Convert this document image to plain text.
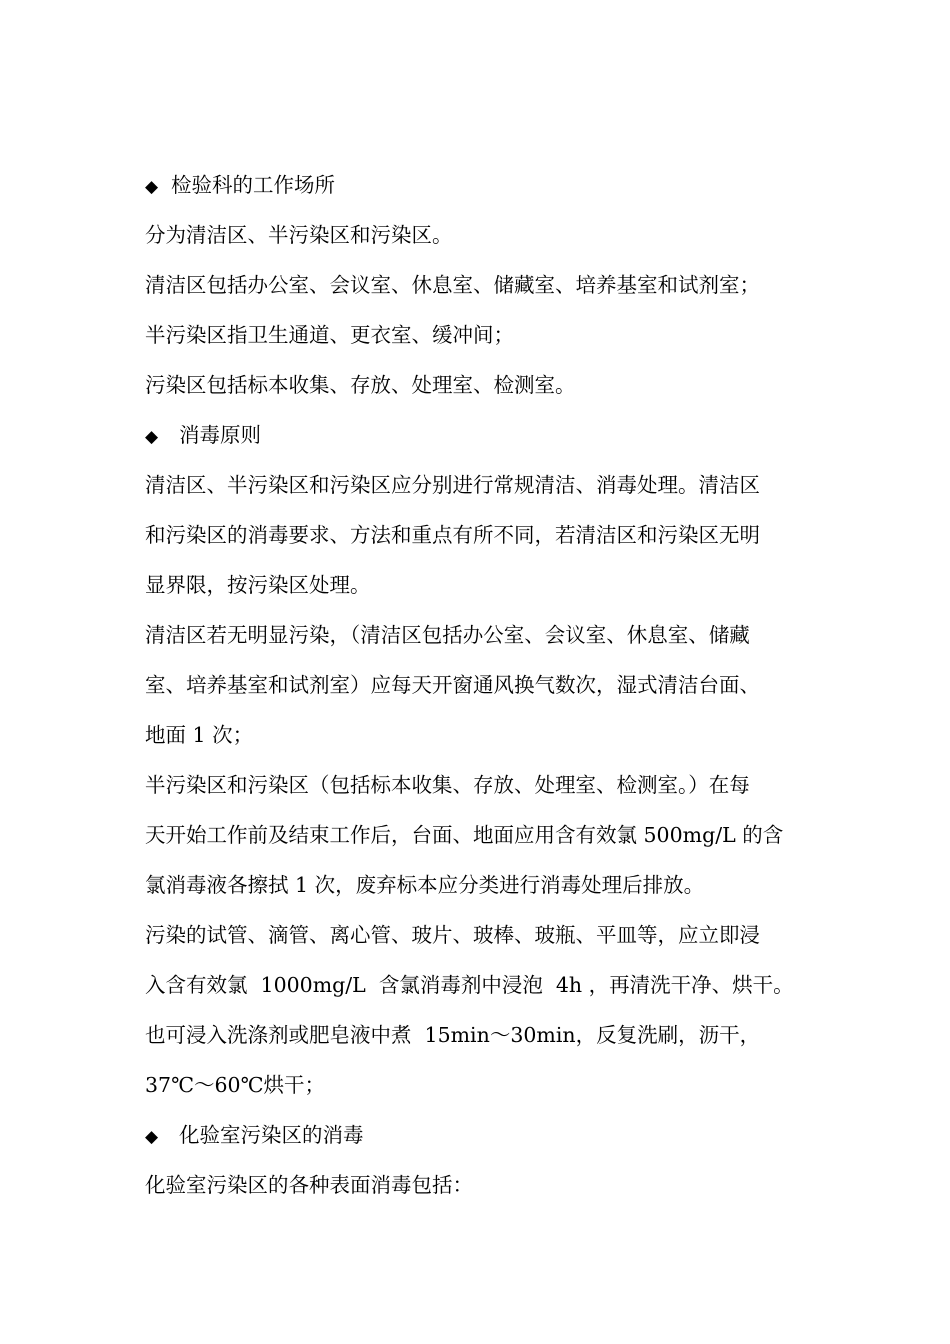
◆ 检验科的工作场所
分为清洁区、半污染区和污染区。
清洁区包括办公室、会议室、休息室、储藏室、培养基室和试剂室；
半污染区指卫生通道、更衣室、缓冲间；
污染区包括标本收集、存放、处理室、检测室。
◆ 消毒原则
清洁区、半污染区和污染区应分别进行常规清洁、消毒处理。清洁区
和污染区的消毒要求、方法和重点有所不同，若清洁区和污染区无明
显界限，按污染区处理。
清洁区若无明显污染，（清洁区包括办公室、会议室、休息室、储藏
室、培养基室和试剂室）应每天开窗通风换气数次，湿式清洁台面、
地面 1 次；
半污染区和污染区（包括标本收集、存放、处理室、检测室。）在每
天开始工作前及结束工作后，台面、地面应用含有效氯 500mg/L 的含
氯消毒液各擦拭 1 次，废弃标本应分类进行消毒处理后排放。
污染的试管、滴管、离心管、玻片、玻棒、玻瓶、平皿等，应立即浸
入含有效氯  1000mg/L  含氯消毒剂中浸泡  4h ，再清洗干净、烘干。
也可浸入洗涤剂或肥皂液中煮  15min～30min，反复洗刷，沥干，
37℃～60℃烘干；
◆ 化验室污染区的消毒
化验室污染区的各种表面消毒包括：
